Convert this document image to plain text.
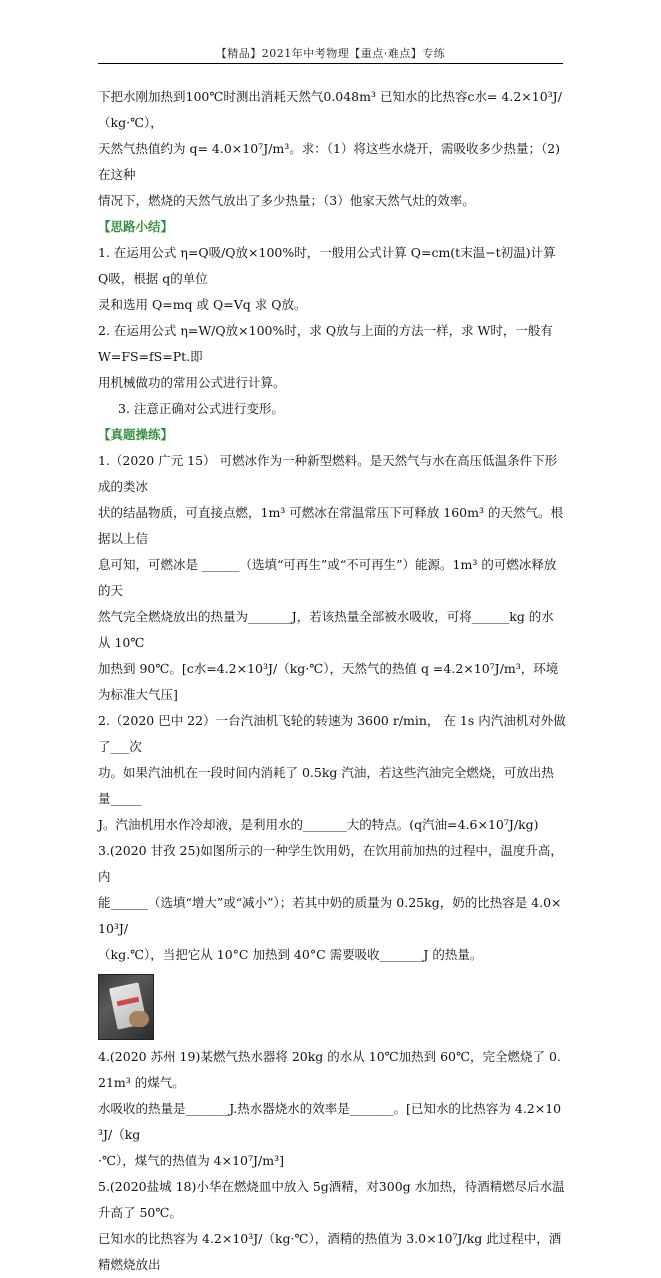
【精品】2021年中考物理【重点·难点】专练

下把水刚加热到100℃时测出消耗天然气0.048m³ 已知水的比热容c水= 4.2×10³J/（kg·℃），

天然气热值约为 q= 4.0×10⁷J/m³。求：（1）将这些水烧开，需吸收多少热量；（2)在这种

情况下，燃烧的天然气放出了多少热量；（3）他家天然气灶的效率。

【思路小结】

1. 在运用公式 η=Q吸/Q放×100%时，一般用公式计算 Q=cm(t末温−t初温)计算 Q吸，根据 q的单位

灵和选用 Q=mq 或 Q=Vq 求 Q放。

2. 在运用公式 η=W/Q放×100%时，求 Q放与上面的方法一样，求 W时，一般有 W=FS=fS=Pt.即

用机械做功的常用公式进行计算。

3. 注意正确对公式进行变形。

【真题操练】

1.（2020 广元 15） 可燃冰作为一种新型燃料。是天然气与水在高压低温条件下形成的类冰

状的结晶物质，可直接点燃，1m³ 可燃冰在常温常压下可释放 160m³ 的天然气。根据以上信

息可知，可燃冰是 ______（选填“可再生”或“不可再生”）能源。1m³ 的可燃冰释放的天

然气完全燃烧放出的热量为_______J，若该热量全部被水吸收，可将______kg 的水从 10℃

加热到 90℃。[c水=4.2×10³J/（kg·℃），天然气的热值 q =4.2×10⁷J/m³，环境为标准大气压]

2.（2020 巴中 22）一台汽油机飞轮的转速为 3600 r/min， 在 1s 内汽油机对外做了___次

功。如果汽油机在一段时间内消耗了 0.5kg 汽油，若这些汽油完全燃烧，可放出热量_____

J。汽油机用水作冷却液，是利用水的_______大的特点。(q汽油=4.6×10⁷J/kg)

3.(2020 甘孜 25)如图所示的一种学生饮用奶，在饮用前加热的过程中，温度升高，内

能______（选填“增大”或“减小”）；若其中奶的质量为 0.25kg，奶的比热容是 4.0×10³J/

（kg.℃），当把它从 10°C 加热到 40°C 需要吸收_______J 的热量。

4.(2020 苏州 19)某燃气热水器将 20kg 的水从 10℃加热到 60℃，完全燃烧了 0.21m³ 的煤气。

水吸收的热量是_______J.热水器烧水的效率是_______。[已知水的比热容为 4.2×10³J/（kg

·℃），煤气的热值为 4×10⁷J/m³]

5.(2020盐城 18)小华在燃烧皿中放入 5g酒精，对300g 水加热，待酒精燃尽后水温升高了 50℃。

已知水的比热容为 4.2×10³J/（kg·℃），酒精的热值为 3.0×10⁷J/kg 此过程中，酒精燃烧放出
